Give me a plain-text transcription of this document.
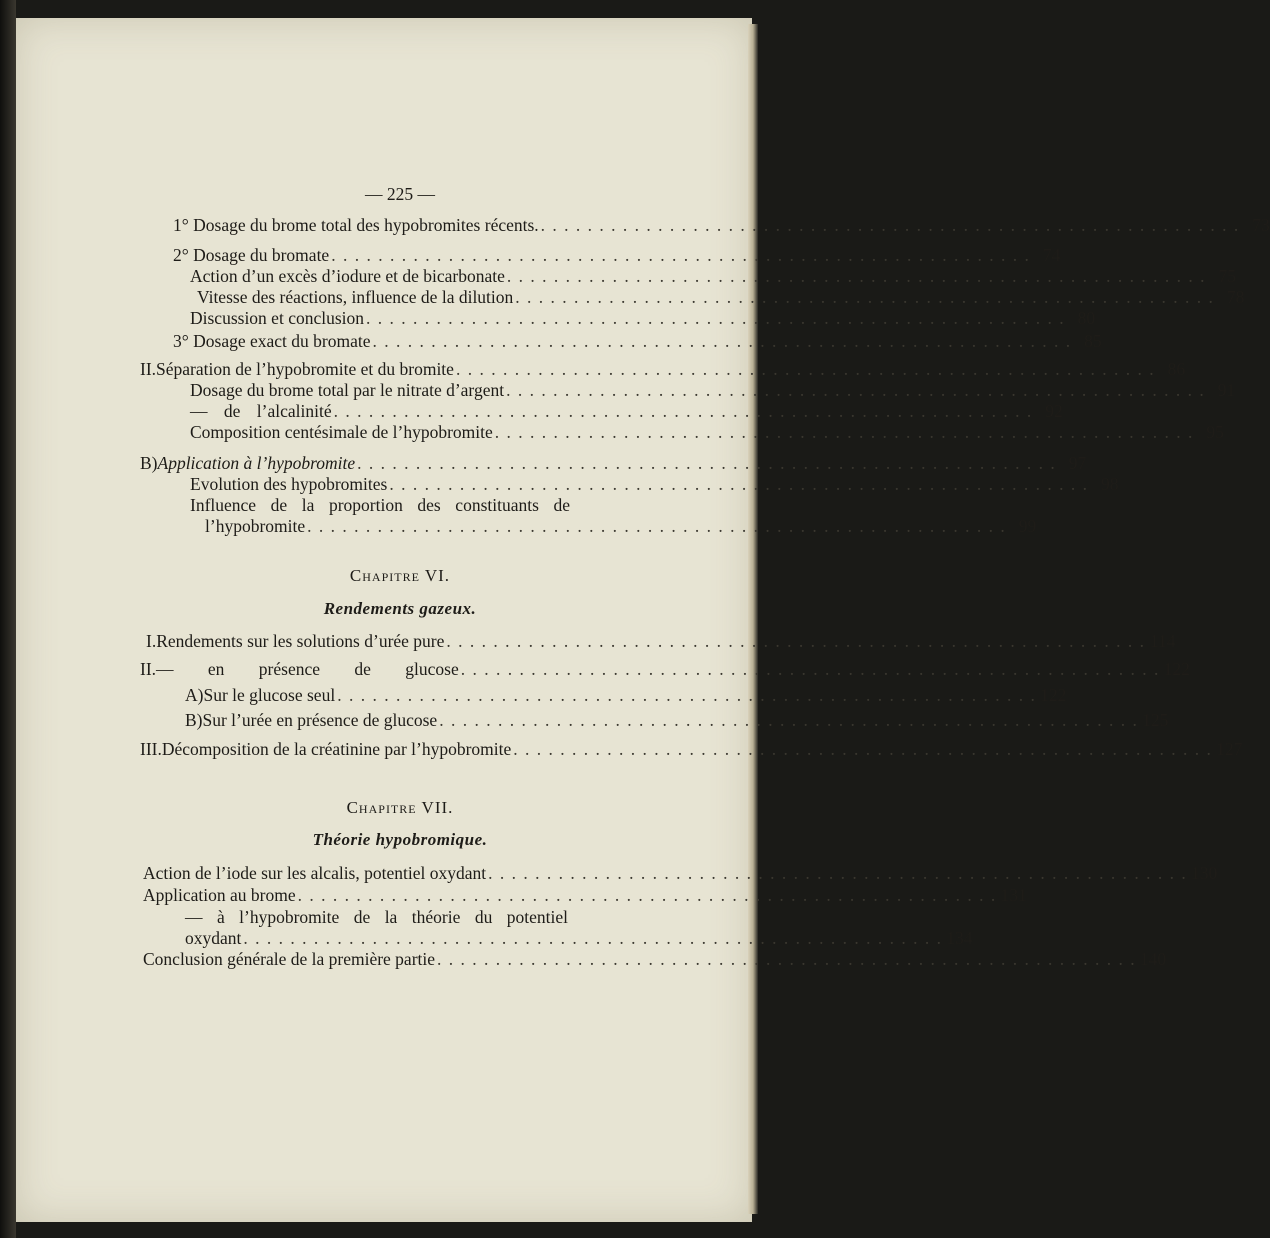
— 225 —
1° Dosage du brome total des hypobromites récents. . . . . . . . . . . . . . . . . . . . . . . . . . . . . . . . . . . . . . . . . . . . . . . . . . . . . . . . . . . . . 73
2° Dosage du bromate . . . . . . . . . . . . . . . . . . . . . . . . . . . . . . . . . . . . . . . . . . . . . . . . . . . . . . . . . . . . 74
Action d’un excès d’iodure et de bicarbonate . . . . . . . . . . . . . . . . . . . . . . . . . . . . . . . . . . . . . . . . . . . . . . . . . . . . . . . . . . . . 75
Vitesse des réactions, influence de la dilution . . . . . . . . . . . . . . . . . . . . . . . . . . . . . . . . . . . . . . . . . . . . . . . . . . . . . . . . . . . . 78
Discussion et conclusion . . . . . . . . . . . . . . . . . . . . . . . . . . . . . . . . . . . . . . . . . . . . . . . . . . . . . . . . . . . . 80
3° Dosage exact du bromate . . . . . . . . . . . . . . . . . . . . . . . . . . . . . . . . . . . . . . . . . . . . . . . . . . . . . . . . . . . . 85
II. Séparation de l’hypobromite et du bromite . . . . . . . . . . . . . . . . . . . . . . . . . . . . . . . . . . . . . . . . . . . . . . . . . . . . . . . . . . . . 86
Dosage du brome total par le nitrate d’argent . . . . . . . . . . . . . . . . . . . . . . . . . . . . . . . . . . . . . . . . . . . . . . . . . . . . . . . . . . . . 91
— de l’alcalinité . . . . . . . . . . . . . . . . . . . . . . . . . . . . . . . . . . . . . . . . . . . . . . . . . . . . . . . . . . . . 92
Composition centésimale de l’hypobromite . . . . . . . . . . . . . . . . . . . . . . . . . . . . . . . . . . . . . . . . . . . . . . . . . . . . . . . . . . . . 95
B) Application à l’hypobromite . . . . . . . . . . . . . . . . . . . . . . . . . . . . . . . . . . . . . . . . . . . . . . . . . . . . . . . . . . . . 97
Evolution des hypobromites . . . . . . . . . . . . . . . . . . . . . . . . . . . . . . . . . . . . . . . . . . . . . . . . . . . . . . . . . . . . 98
Influence de la proportion des constituants de
l’hypobromite . . . . . . . . . . . . . . . . . . . . . . . . . . . . . . . . . . . . . . . . . . . . . . . . . . . . . . . . . . . . 99
Chapitre VI.
Rendements gazeux.
I. Rendements sur les solutions d’urée pure . . . . . . . . . . . . . . . . . . . . . . . . . . . . . . . . . . . . . . . . . . . . . . . . . . . . . . . . . . . . 114
II. — en présence de glucose . . . . . . . . . . . . . . . . . . . . . . . . . . . . . . . . . . . . . . . . . . . . . . . . . . . . . . . . . . . . 122
A) Sur le glucose seul . . . . . . . . . . . . . . . . . . . . . . . . . . . . . . . . . . . . . . . . . . . . . . . . . . . . . . . . . . . . 122
B) Sur l’urée en présence de glucose . . . . . . . . . . . . . . . . . . . . . . . . . . . . . . . . . . . . . . . . . . . . . . . . . . . . . . . . . . . . 125
III. Décomposition de la créatinine par l’hypobromite . . . . . . . . . . . . . . . . . . . . . . . . . . . . . . . . . . . . . . . . . . . . . . . . . . . . . . . . . . . . 127
Chapitre VII.
Théorie hypobromique.
Action de l’iode sur les alcalis, potentiel oxydant . . . . . . . . . . . . . . . . . . . . . . . . . . . . . . . . . . . . . . . . . . . . . . . . . . . . . . . . . . . . 130
Application au brome . . . . . . . . . . . . . . . . . . . . . . . . . . . . . . . . . . . . . . . . . . . . . . . . . . . . . . . . . . . . 131
— à l’hypobromite de la théorie du potentiel
oxydant . . . . . . . . . . . . . . . . . . . . . . . . . . . . . . . . . . . . . . . . . . . . . . . . . . . . . . . . . . . . 134
Conclusion générale de la première partie . . . . . . . . . . . . . . . . . . . . . . . . . . . . . . . . . . . . . . . . . . . . . . . . . . . . . . . . . . . . 140
